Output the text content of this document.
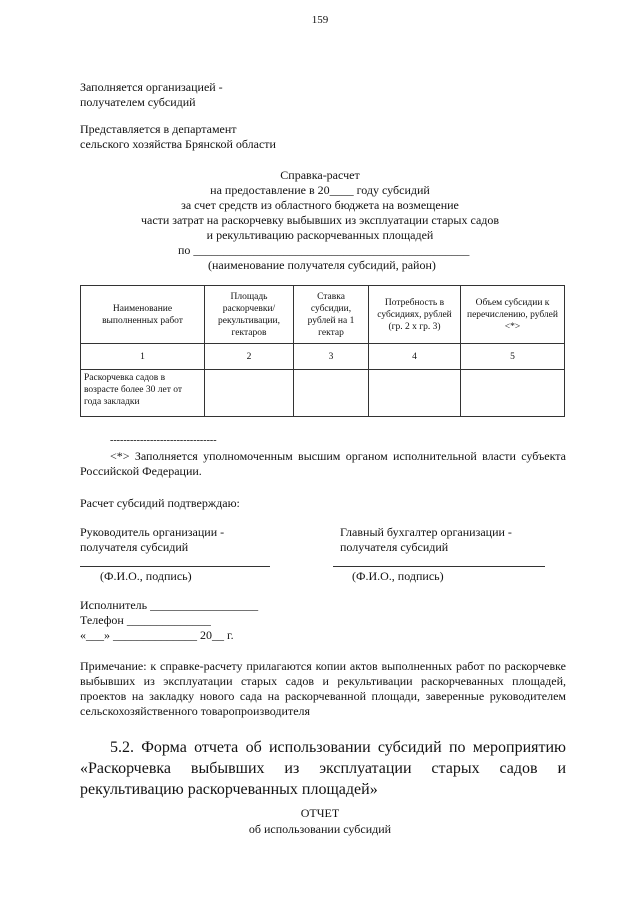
159
Заполняется организацией -
получателем субсидий
Представляется в департамент
сельского хозяйства Брянской области
Справка-расчет
на предоставление в 20____ году субсидий
за счет средств из областного бюджета на возмещение
части затрат на раскорчевку выбывших из эксплуатации старых садов
и рекультивацию раскорчеванных площадей
по ______________________________________________
(наименование получателя субсидий, район)
Наименование выполненных работ	Площадь раскорчевки/рекультивации, гектаров	Ставка субсидии, рублей на 1 гектар	Потребность в субсидиях, рублей (гр. 2 х гр. 3)	Объем субсидии к перечислению, рублей <*>
1	2	3	4	5
Раскорчевка садов в возрасте более 30 лет от года закладки				
--------------------------------
<*> Заполняется уполномоченным высшим органом исполнительной власти субъекта Российской Федерации.
Расчет субсидий подтверждаю:
Руководитель организации -
получателя субсидий
(Ф.И.О., подпись)
Главный бухгалтер организации -
получателя субсидий
(Ф.И.О., подпись)
Исполнитель __________________
Телефон ______________
«___» ______________ 20__ г.
Примечание: к справке-расчету прилагаются копии актов выполненных работ по раскорчевке выбывших из эксплуатации старых садов и рекультивации раскорчеванных площадей, проектов на закладку нового сада на раскорчеванной площади, заверенные руководителем сельскохозяйственного товаропроизводителя
5.2. Форма отчета об использовании субсидий по мероприятию «Раскорчевка выбывших из эксплуатации старых садов и рекультивацию раскорчеванных площадей»
ОТЧЕТ
об использовании субсидий
